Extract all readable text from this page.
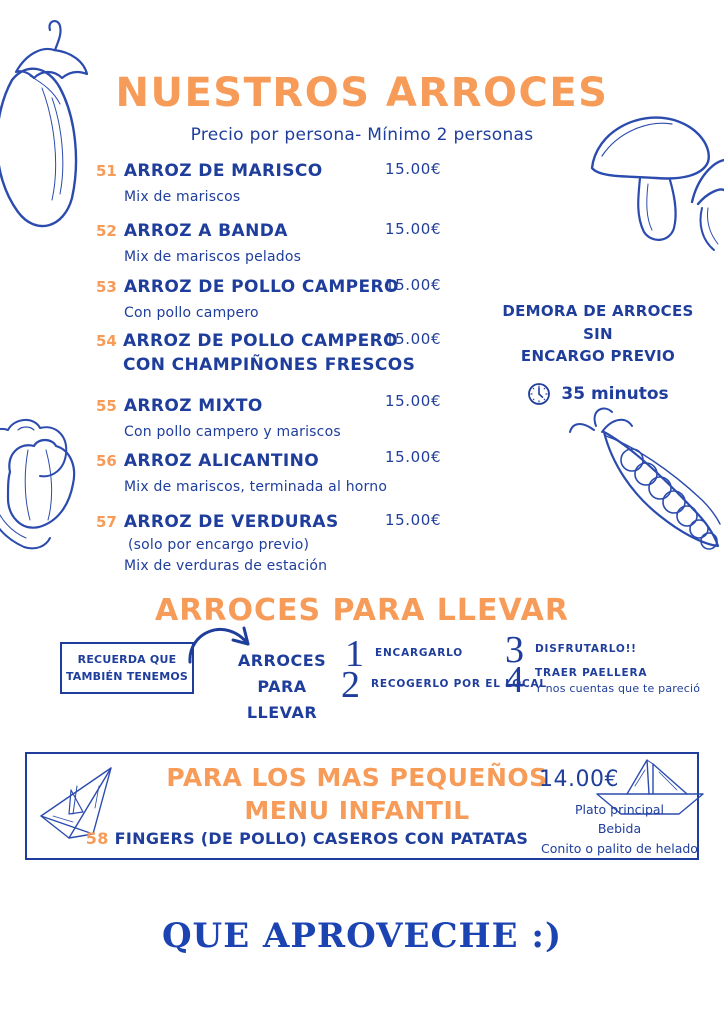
NUESTROS ARROCES
Precio por persona- Mínimo 2 personas
51 ARROZ DE MARISCO
Mix de mariscos
15.00€
52 ARROZ A BANDA
Mix de mariscos pelados
15.00€
53 ARROZ DE POLLO CAMPERO
Con pollo campero
15.00€
54 ARROZ DE POLLO CAMPERO CON CHAMPIÑONES FRESCOS
15.00€
55 ARROZ MIXTO
Con pollo campero y mariscos
15.00€
56 ARROZ ALICANTINO
Mix de mariscos, terminada al horno
15.00€
57 ARROZ DE VERDURAS
(solo por encargo previo)
Mix de verduras de estación
15.00€
DEMORA DE ARROCES SIN
ENCARGO PREVIO
35 minutos
ARROCES PARA LLEVAR
RECUERDA QUE
TAMBIÉN TENEMOS
ARROCES PARA
LLEVAR
1 ENCARGARLO
2 RECOGERLO POR EL LOCAL
3 DISFRUTARLO!!
4 TRAER PAELLERA
Y nos cuentas que te pareció
PARA LOS MAS PEQUEÑOS
MENU INFANTIL
14.00€
58 FINGERS (DE POLLO) CASEROS CON PATATAS
Plato principal
Bebida
Conito o palito de helado
QUE APROVECHE :)
